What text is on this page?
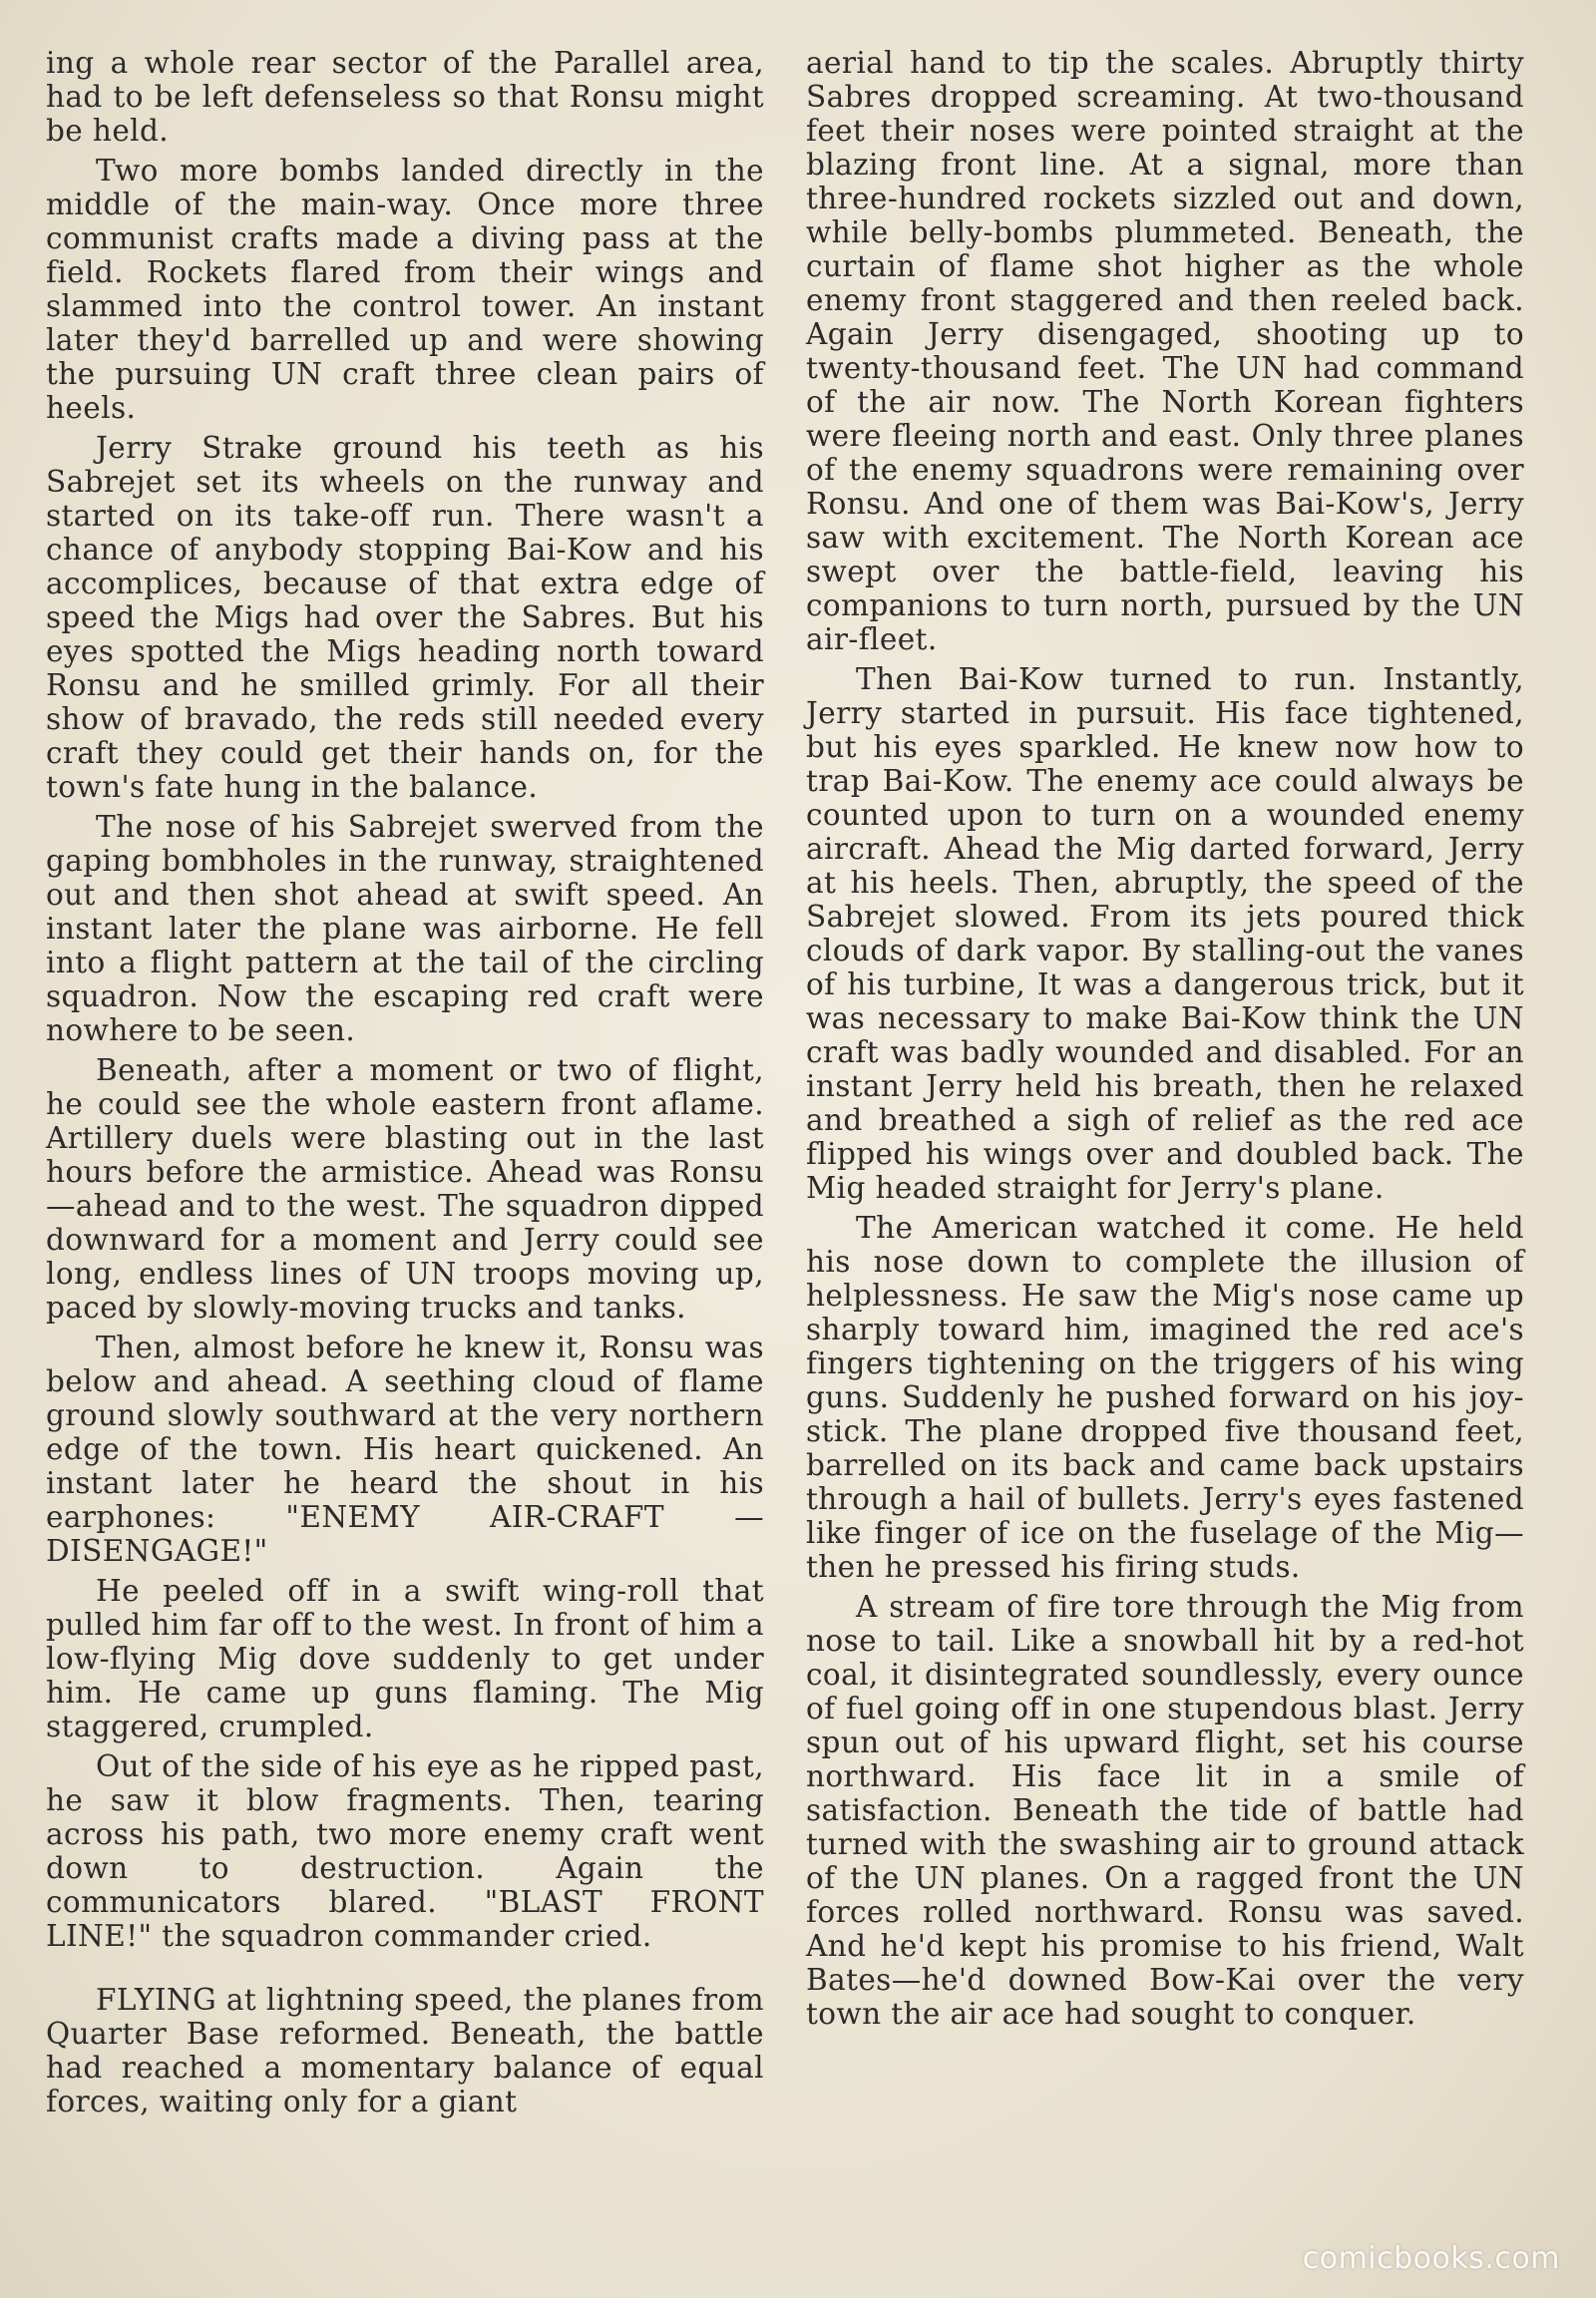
ing a whole rear sector of the Parallel area, had to be left defenseless so that Ronsu might be held.

Two more bombs landed directly in the middle of the main-way. Once more three communist crafts made a diving pass at the field. Rockets flared from their wings and slammed into the control tower. An instant later they'd barrelled up and were showing the pursuing UN craft three clean pairs of heels.

Jerry Strake ground his teeth as his Sabrejet set its wheels on the runway and started on its take-off run. There wasn't a chance of anybody stopping Bai-Kow and his accomplices, because of that extra edge of speed the Migs had over the Sabres. But his eyes spotted the Migs heading north toward Ronsu and he smilled grimly. For all their show of bravado, the reds still needed every craft they could get their hands on, for the town's fate hung in the balance.

The nose of his Sabrejet swerved from the gaping bombholes in the runway, straightened out and then shot ahead at swift speed. An instant later the plane was airborne. He fell into a flight pattern at the tail of the circling squadron. Now the escaping red craft were nowhere to be seen.

Beneath, after a moment or two of flight, he could see the whole eastern front aflame. Artillery duels were blasting out in the last hours before the armistice. Ahead was Ronsu—ahead and to the west. The squadron dipped downward for a moment and Jerry could see long, endless lines of UN troops moving up, paced by slowly-moving trucks and tanks.

Then, almost before he knew it, Ronsu was below and ahead. A seething cloud of flame ground slowly southward at the very northern edge of the town. His heart quickened. An instant later he heard the shout in his earphones: "ENEMY AIR-CRAFT — DISENGAGE!"

He peeled off in a swift wing-roll that pulled him far off to the west. In front of him a low-flying Mig dove suddenly to get under him. He came up guns flaming. The Mig staggered, crumpled.

Out of the side of his eye as he ripped past, he saw it blow fragments. Then, tearing across his path, two more enemy craft went down to destruction. Again the communicators blared. "BLAST FRONT LINE!" the squadron commander cried.

FLYING at lightning speed, the planes from Quarter Base reformed. Beneath, the battle had reached a momentary balance of equal forces, waiting only for a giant

aerial hand to tip the scales. Abruptly thirty Sabres dropped screaming. At two-thousand feet their noses were pointed straight at the blazing front line. At a signal, more than three-hundred rockets sizzled out and down, while belly-bombs plummeted. Beneath, the curtain of flame shot higher as the whole enemy front staggered and then reeled back. Again Jerry disengaged, shooting up to twenty-thousand feet. The UN had command of the air now. The North Korean fighters were fleeing north and east. Only three planes of the enemy squadrons were remaining over Ronsu. And one of them was Bai-Kow's, Jerry saw with excitement. The North Korean ace swept over the battle-field, leaving his companions to turn north, pursued by the UN air-fleet.

Then Bai-Kow turned to run. Instantly, Jerry started in pursuit. His face tightened, but his eyes sparkled. He knew now how to trap Bai-Kow. The enemy ace could always be counted upon to turn on a wounded enemy aircraft. Ahead the Mig darted forward, Jerry at his heels. Then, abruptly, the speed of the Sabrejet slowed. From its jets poured thick clouds of dark vapor. By stalling-out the vanes of his turbine, It was a dangerous trick, but it was necessary to make Bai-Kow think the UN craft was badly wounded and disabled. For an instant Jerry held his breath, then he relaxed and breathed a sigh of relief as the red ace flipped his wings over and doubled back. The Mig headed straight for Jerry's plane.

The American watched it come. He held his nose down to complete the illusion of helplessness. He saw the Mig's nose came up sharply toward him, imagined the red ace's fingers tightening on the triggers of his wing guns. Suddenly he pushed forward on his joy-stick. The plane dropped five thousand feet, barrelled on its back and came back upstairs through a hail of bullets. Jerry's eyes fastened like finger of ice on the fuselage of the Mig—then he pressed his firing studs.

A stream of fire tore through the Mig from nose to tail. Like a snowball hit by a red-hot coal, it disintegrated soundlessly, every ounce of fuel going off in one stupendous blast. Jerry spun out of his upward flight, set his course northward. His face lit in a smile of satisfaction. Beneath the tide of battle had turned with the swashing air to ground attack of the UN planes. On a ragged front the UN forces rolled northward. Ronsu was saved. And he'd kept his promise to his friend, Walt Bates—he'd downed Bow-Kai over the very town the air ace had sought to conquer.

comicbooks.com
